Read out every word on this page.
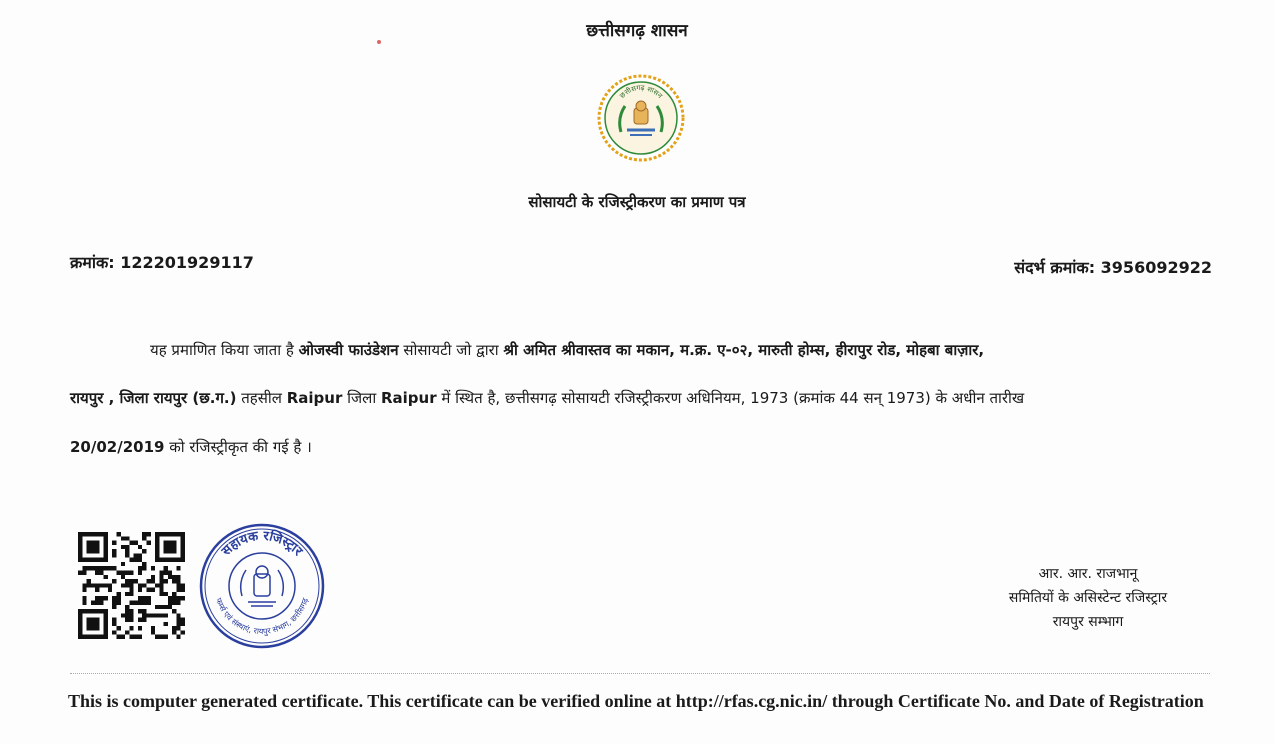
छत्तीसगढ़ शासन
छत्तीसगढ़ शासन
सोसायटी के रजिस्ट्रीकरण का प्रमाण पत्र
क्रमांक: 122201929117	संदर्भ क्रमांक: 3956092922
यह प्रमाणित किया जाता है ओजस्वी फाउंडेशन सोसायटी जो द्वारा श्री अमित श्रीवास्तव का मकान, म.क्र. ए-०२, मारुती होम्स, हीरापुर रोड, मोहबा बाज़ार,
रायपुर , जिला रायपुर (छ.ग.) तहसील Raipur जिला Raipur में स्थित है, छत्तीसगढ़ सोसायटी रजिस्ट्रीकरण अधिनियम, 1973 (क्रमांक 44 सन् 1973) के अधीन तारीख
20/02/2019 को रजिस्ट्रीकृत की गई है ।
सहायक रजिस्ट्रार
फर्म्स एवं संस्थाएं, रायपुर संभाग, छत्तीसगढ़
आर. आर. राजभानू
समितियों के असिस्टेन्ट रजिस्ट्रार
रायपुर सम्भाग
This is computer generated certificate. This certificate can be verified online at http://rfas.cg.nic.in/ through Certificate No. and Date of Registration
